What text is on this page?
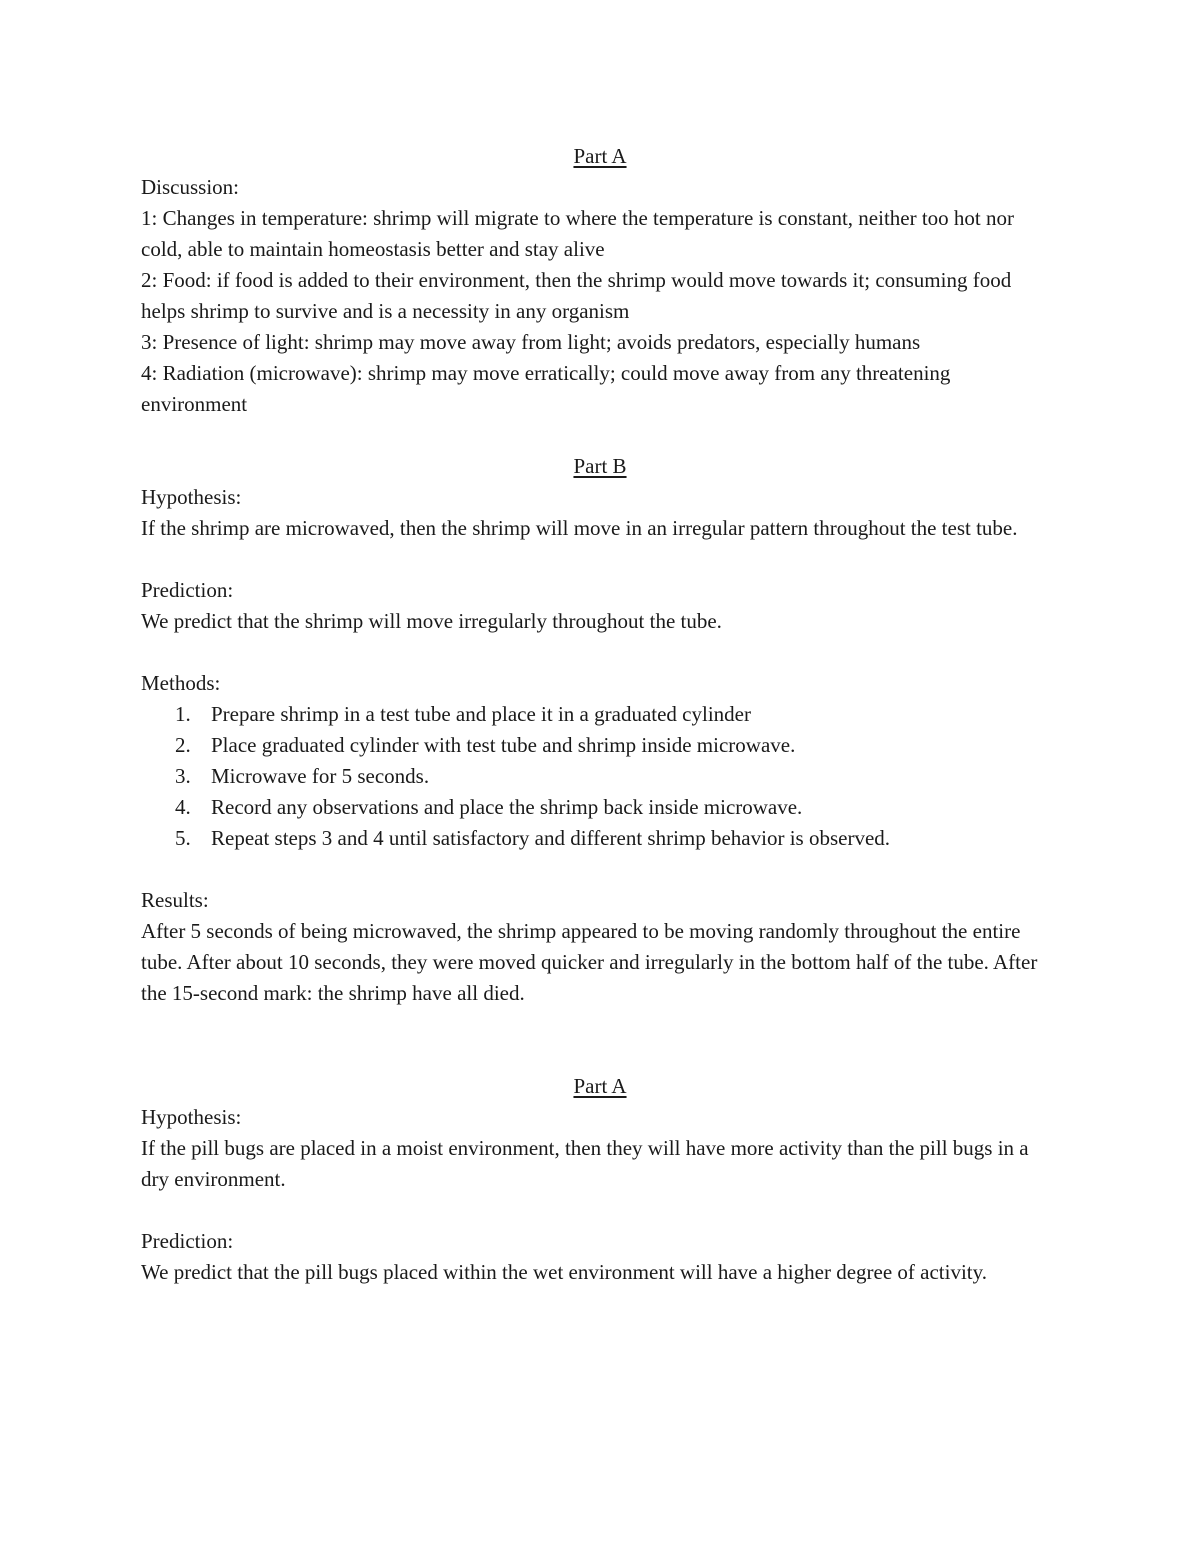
Part A

Discussion:

1: Changes in temperature: shrimp will migrate to where the temperature is constant, neither too hot nor cold, able to maintain homeostasis better and stay alive

2: Food: if food is added to their environment, then the shrimp would move towards it; consuming food helps shrimp to survive and is a necessity in any organism

3: Presence of light: shrimp may move away from light; avoids predators, especially humans

4: Radiation (microwave): shrimp may move erratically; could move away from any threatening environment

Part B

Hypothesis:

If the shrimp are microwaved, then the shrimp will move in an irregular pattern throughout the test tube.

Prediction:

We predict that the shrimp will move irregularly throughout the tube.

Methods:

1. Prepare shrimp in a test tube and place it in a graduated cylinder
2. Place graduated cylinder with test tube and shrimp inside microwave.
3. Microwave for 5 seconds.
4. Record any observations and place the shrimp back inside microwave.
5. Repeat steps 3 and 4 until satisfactory and different shrimp behavior is observed.

Results:

After 5 seconds of being microwaved, the shrimp appeared to be moving randomly throughout the entire tube. After about 10 seconds, they were moved quicker and irregularly in the bottom half of the tube. After the 15-second mark: the shrimp have all died.

Part A

Hypothesis:

If the pill bugs are placed in a moist environment, then they will have more activity than the pill bugs in a dry environment.

Prediction:

We predict that the pill bugs placed within the wet environment will have a higher degree of activity.
